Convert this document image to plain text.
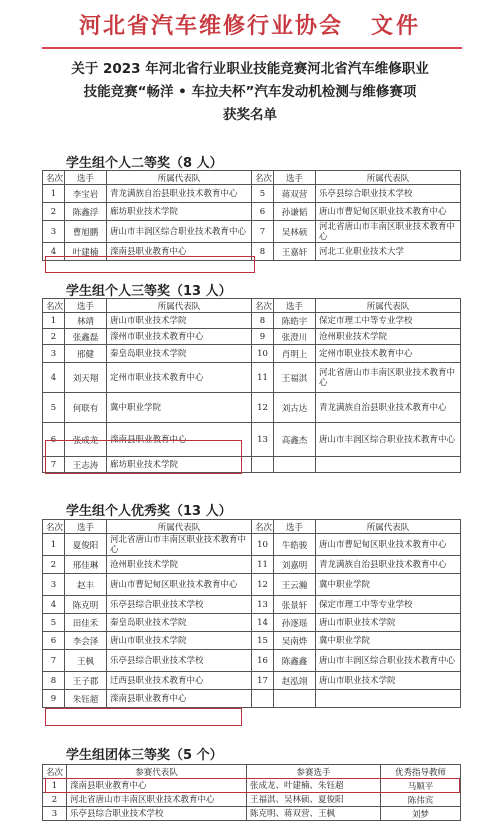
河北省汽车维修行业协会 文件
关于 2023 年河北省行业职业技能竞赛河北省汽车维修职业
技能竞赛“畅洋 • 车拉夫杯”汽车发动机检测与维修赛项
获奖名单
学生组个人二等奖（8 人）
名次	选手	所属代表队	名次	选手	所属代表队
1	李宝岩	青龙满族自治县职业技术教育中心	5	蒋双营	乐亭县综合职业技术学校
2	陈鑫浮	廊坊职业技术学院	6	孙谦韬	唐山市曹妃甸区职业技术教育中心
3	曹旭鹏	唐山市丰润区综合职业技术教育中心	7	吴林硕	河北省唐山市丰南区职业技术教育中心
4	叶建楠	滦南县职业教育中心	8	王嘉轩	河北工业职业技术大学
学生组个人三等奖（13 人）
名次	选手	所属代表队	名次	选手	所属代表队
1	林靖	唐山市职业技术学院	8	陈皓宇	保定市理工中等专业学校
2	张鑫磊	滦州市职业技术教育中心	9	张澄川	沧州职业技术学院
3	邢健	秦皇岛职业技术学院	10	肖明上	定州市职业技术教育中心
4	刘天翔	定州市职业技术教育中心	11	王福淇	河北省唐山市丰南区职业技术教育中心
5	何联有	冀中职业学院	12	刘古达	青龙满族自治县职业技术教育中心
6	张成龙	滦南县职业教育中心	13	高鑫杰	唐山市丰润区综合职业技术教育中心
7	王志涛	廊坊职业技术学院			
学生组个人优秀奖（13 人）
名次	选手	所属代表队	名次	选手	所属代表队
1	夏俊阳	河北省唐山市丰南区职业技术教育中心	10	牛皓骏	唐山市曹妃甸区职业技术教育中心
2	邢佳琳	沧州职业技术学院	11	刘嘉明	青龙满族自治县职业技术教育中心
3	赵丰	唐山市曹妃甸区职业技术教育中心	12	王云瀚	冀中职业学院
4	陈克明	乐亭县综合职业技术学校	13	张景轩	保定市理工中等专业学校
5	田佳禾	秦皇岛职业技术学院	14	孙逐瑶	唐山市职业技术学院
6	李会泽	唐山市职业技术学院	15	吴南烨	冀中职业学院
7	王枫	乐亭县综合职业技术学校	16	陈鑫鑫	唐山市丰润区综合职业技术教育中心
8	王子郡	迁西县职业技术教育中心	17	赵泓翊	唐山市职业技术学院
9	朱钰超	滦南县职业教育中心			
学生组团体三等奖（5 个）
名次	参赛代表队	参赛选手	优秀指导教师
1	滦南县职业教育中心	张成龙、叶建楠、朱钰超	马顺平
2	河北省唐山市丰南区职业技术教育中心	王福淇、吴林硕、夏俊阳	陈伟宾
3	乐亭县综合职业技术学校	陈克明、蒋双营、王枫	刘梦
